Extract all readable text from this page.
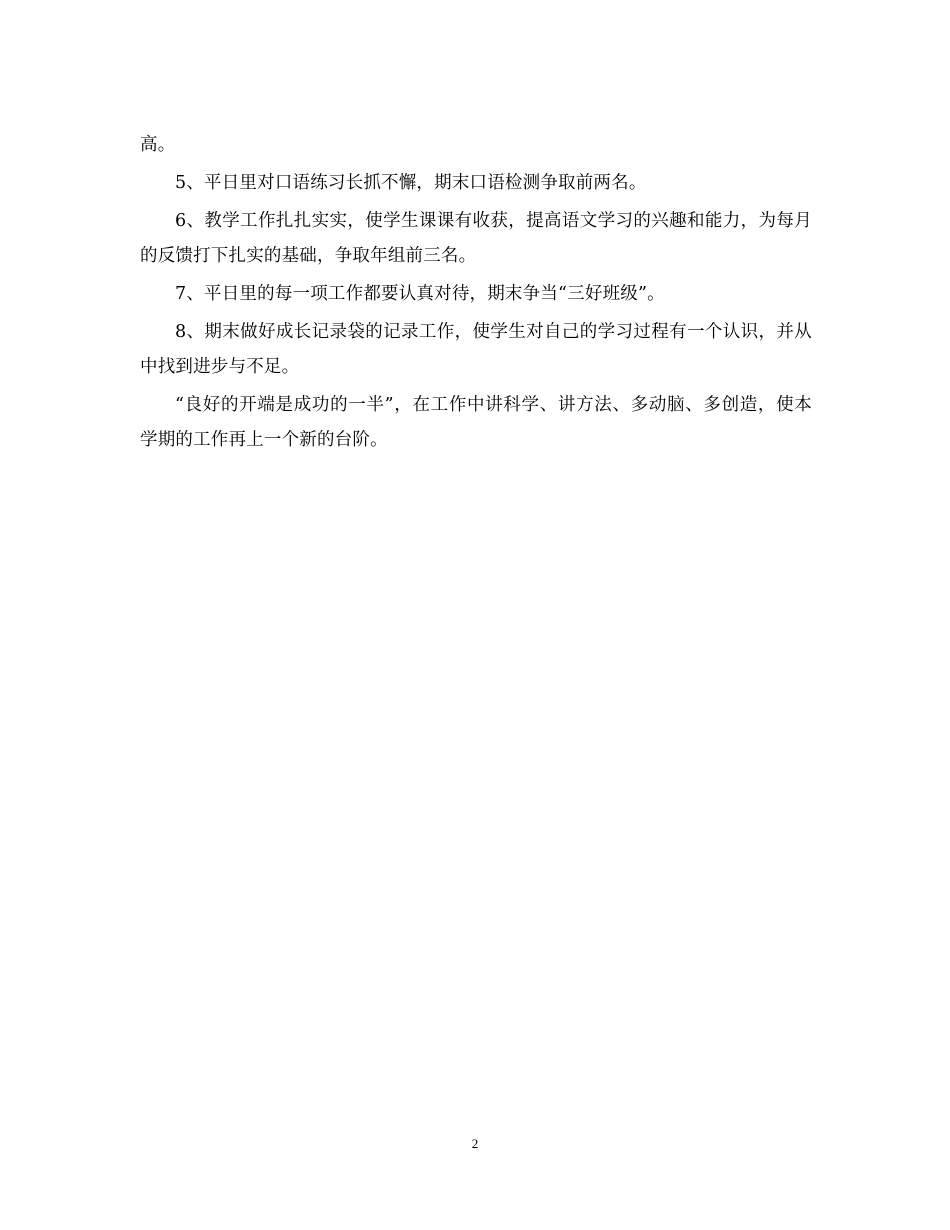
高。

5、平日里对口语练习长抓不懈，期末口语检测争取前两名。

6、教学工作扎扎实实，使学生课课有收获，提高语文学习的兴趣和能力，为每月的反馈打下扎实的基础，争取年组前三名。

7、平日里的每一项工作都要认真对待，期末争当“三好班级”。

8、期末做好成长记录袋的记录工作，使学生对自己的学习过程有一个认识，并从中找到进步与不足。

“良好的开端是成功的一半”，在工作中讲科学、讲方法、多动脑、多创造，使本学期的工作再上一个新的台阶。

2
